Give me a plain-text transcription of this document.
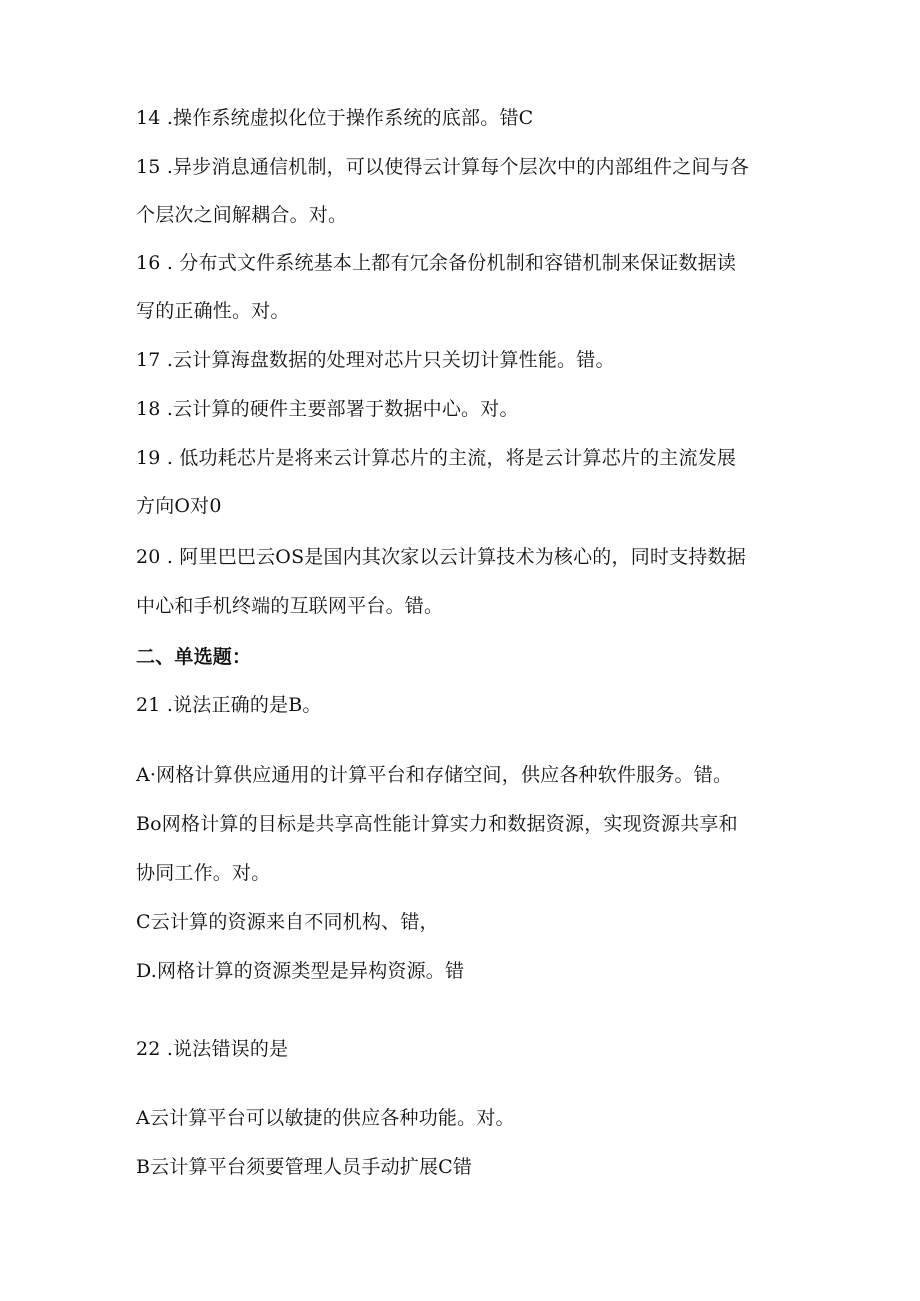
14 .操作系统虚拟化位于操作系统的底部。错C
15 .异步消息通信机制，可以使得云计算每个层次中的内部组件之间与各
个层次之间解耦合。对。
16 . 分布式文件系统基本上都有冗余备份机制和容错机制来保证数据读
写的正确性。对。
17 .云计算海盘数据的处理对芯片只关切计算性能。错。
18 .云计算的硬件主要部署于数据中心。对。
19 . 低功耗芯片是将来云计算芯片的主流，将是云计算芯片的主流发展
方向O对0
20 . 阿里巴巴云OS是国内其次家以云计算技术为核心的，同时支持数据
中心和手机终端的互联网平台。错。
二、单选题：
21 .说法正确的是B。
A·网格计算供应通用的计算平台和存储空间，供应各种软件服务。错。
Bo网格计算的目标是共享高性能计算实力和数据资源，实现资源共享和
协同工作。对。
C云计算的资源来自不同机构、错，
D.网格计算的资源类型是异构资源。错
22 .说法错误的是
A云计算平台可以敏捷的供应各种功能。对。
B云计算平台须要管理人员手动扩展C错
